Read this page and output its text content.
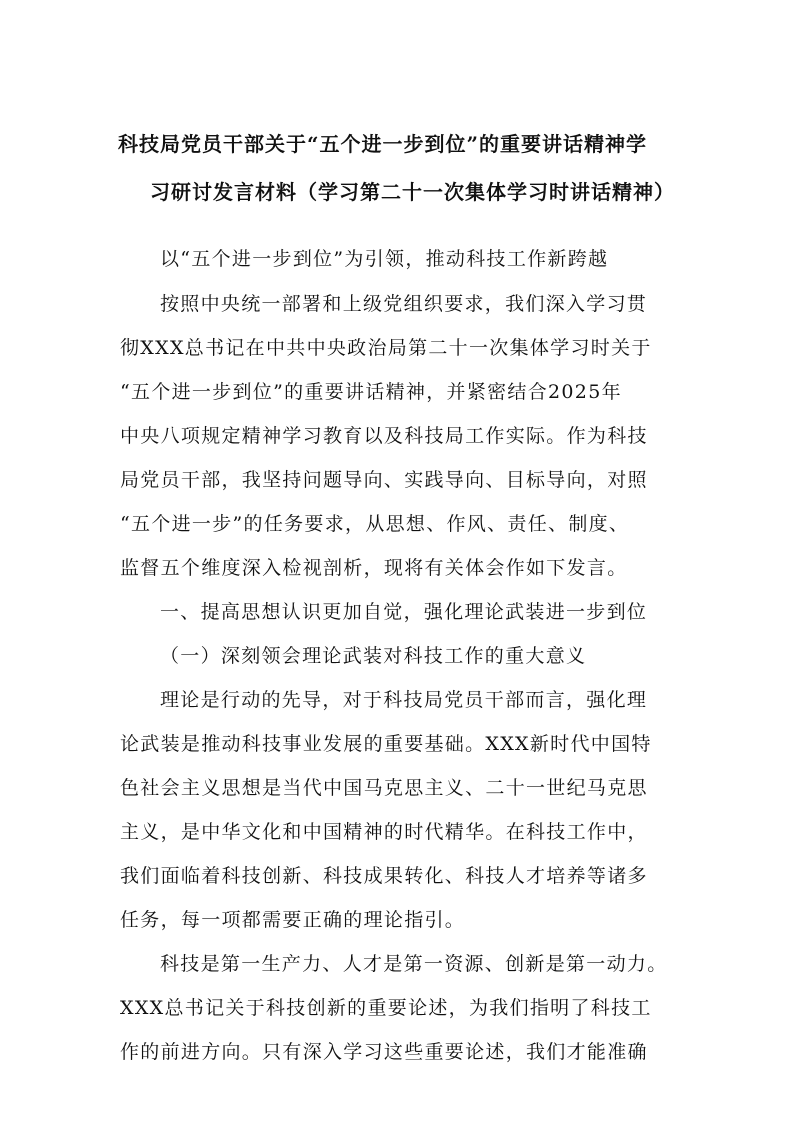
科技局党员干部关于“五个进一步到位”的重要讲话精神学
习研讨发言材料（学习第二十一次集体学习时讲话精神）
以“五个进一步到位”为引领，推动科技工作新跨越
按照中央统一部署和上级党组织要求，我们深入学习贯
彻XXX总书记在中共中央政治局第二十一次集体学习时关于
“五个进一步到位”的重要讲话精神，并紧密结合2025年
中央八项规定精神学习教育以及科技局工作实际。作为科技
局党员干部，我坚持问题导向、实践导向、目标导向，对照
“五个进一步”的任务要求，从思想、作风、责任、制度、
监督五个维度深入检视剖析，现将有关体会作如下发言。
一、提高思想认识更加自觉，强化理论武装进一步到位
（一）深刻领会理论武装对科技工作的重大意义
理论是行动的先导，对于科技局党员干部而言，强化理
论武装是推动科技事业发展的重要基础。XXX新时代中国特
色社会主义思想是当代中国马克思主义、二十一世纪马克思
主义，是中华文化和中国精神的时代精华。在科技工作中，
我们面临着科技创新、科技成果转化、科技人才培养等诸多
任务，每一项都需要正确的理论指引。
科技是第一生产力、人才是第一资源、创新是第一动力。
XXX总书记关于科技创新的重要论述，为我们指明了科技工
作的前进方向。只有深入学习这些重要论述，我们才能准确
